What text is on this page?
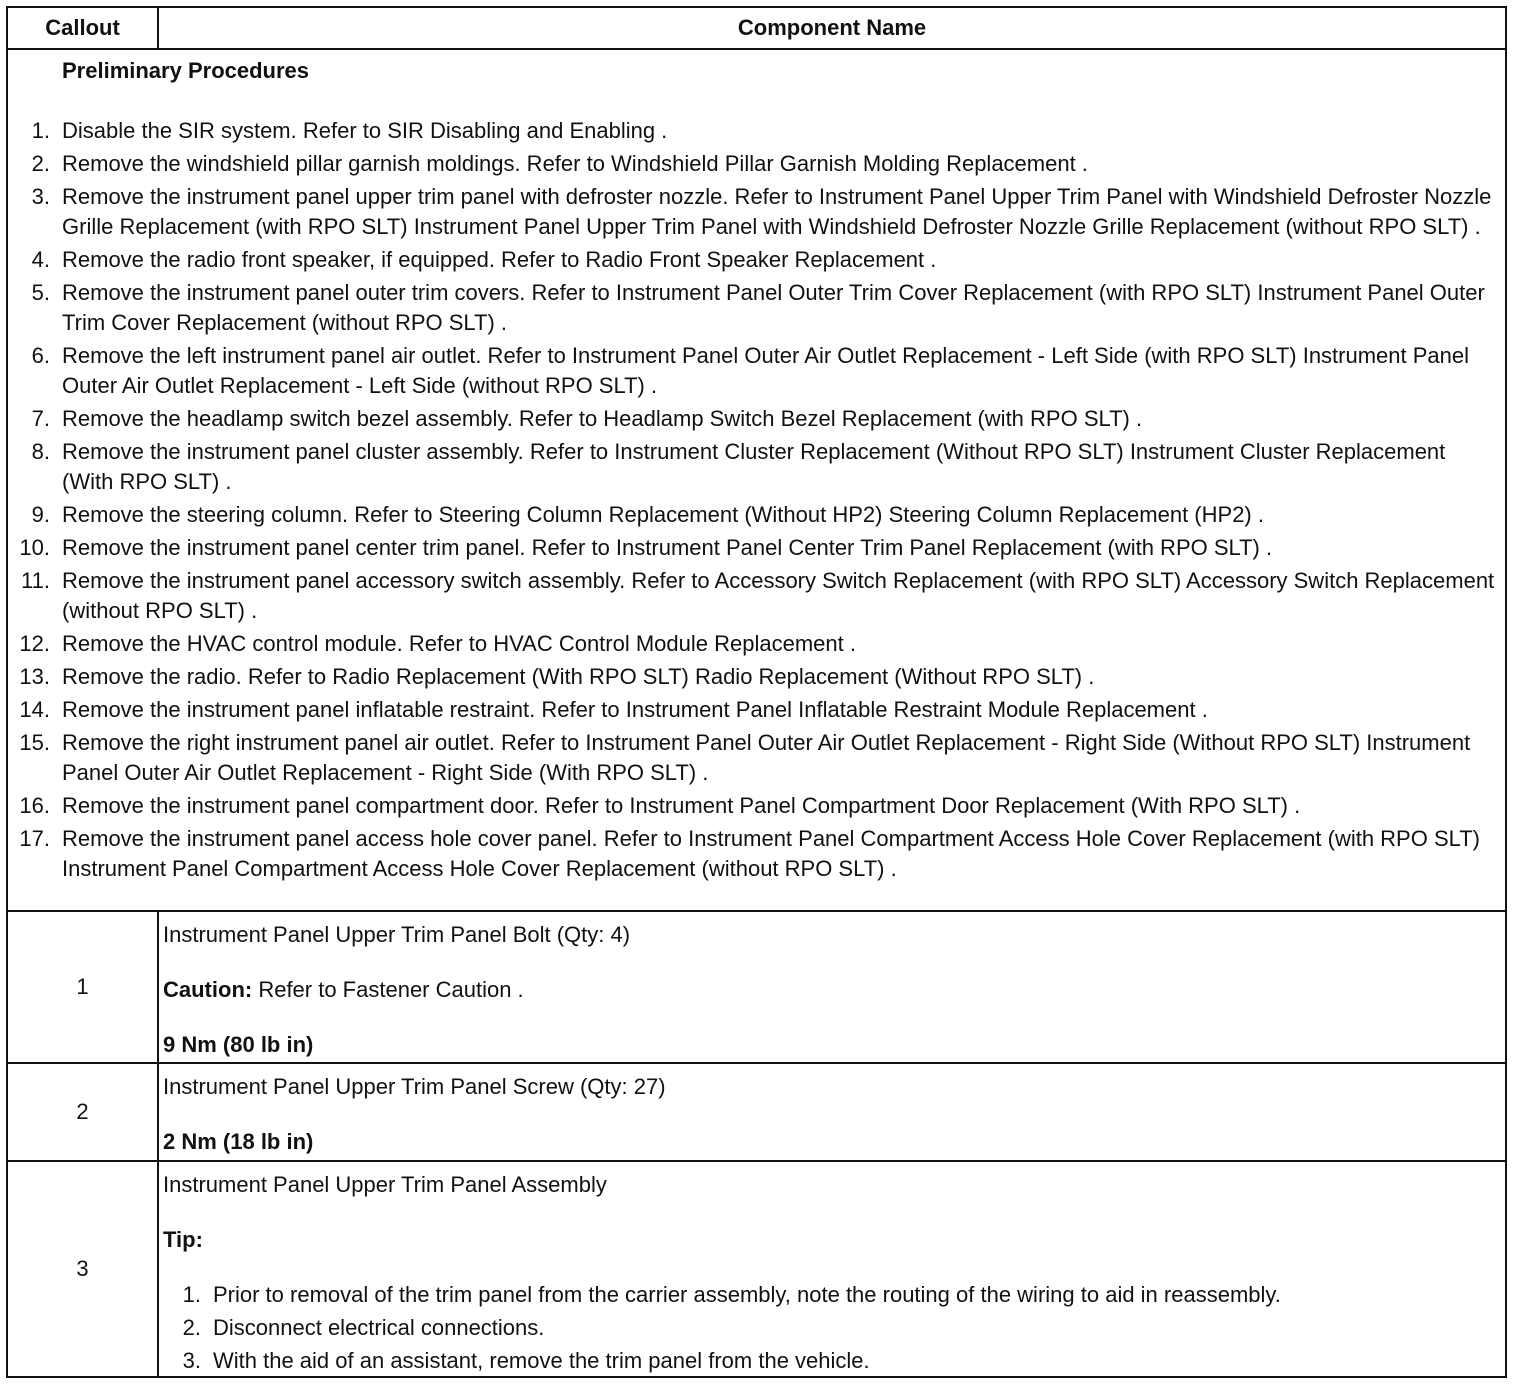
Callout	Component Name
Preliminary Procedures
1. Disable the SIR system. Refer to SIR Disabling and Enabling .
2. Remove the windshield pillar garnish moldings. Refer to Windshield Pillar Garnish Molding Replacement .
3. Remove the instrument panel upper trim panel with defroster nozzle. Refer to Instrument Panel Upper Trim Panel with Windshield Defroster Nozzle Grille Replacement (with RPO SLT) Instrument Panel Upper Trim Panel with Windshield Defroster Nozzle Grille Replacement (without RPO SLT) .
4. Remove the radio front speaker, if equipped. Refer to Radio Front Speaker Replacement .
5. Remove the instrument panel outer trim covers. Refer to Instrument Panel Outer Trim Cover Replacement (with RPO SLT) Instrument Panel Outer Trim Cover Replacement (without RPO SLT) .
6. Remove the left instrument panel air outlet. Refer to Instrument Panel Outer Air Outlet Replacement - Left Side (with RPO SLT) Instrument Panel Outer Air Outlet Replacement - Left Side (without RPO SLT) .
7. Remove the headlamp switch bezel assembly. Refer to Headlamp Switch Bezel Replacement (with RPO SLT) .
8. Remove the instrument panel cluster assembly. Refer to Instrument Cluster Replacement (Without RPO SLT) Instrument Cluster Replacement (With RPO SLT) .
9. Remove the steering column. Refer to Steering Column Replacement (Without HP2) Steering Column Replacement (HP2) .
10. Remove the instrument panel center trim panel. Refer to Instrument Panel Center Trim Panel Replacement (with RPO SLT) .
11. Remove the instrument panel accessory switch assembly. Refer to Accessory Switch Replacement (with RPO SLT) Accessory Switch Replacement (without RPO SLT) .
12. Remove the HVAC control module. Refer to HVAC Control Module Replacement .
13. Remove the radio. Refer to Radio Replacement (With RPO SLT) Radio Replacement (Without RPO SLT) .
14. Remove the instrument panel inflatable restraint. Refer to Instrument Panel Inflatable Restraint Module Replacement .
15. Remove the right instrument panel air outlet. Refer to Instrument Panel Outer Air Outlet Replacement - Right Side (Without RPO SLT) Instrument Panel Outer Air Outlet Replacement - Right Side (With RPO SLT) .
16. Remove the instrument panel compartment door. Refer to Instrument Panel Compartment Door Replacement (With RPO SLT) .
17. Remove the instrument panel access hole cover panel. Refer to Instrument Panel Compartment Access Hole Cover Replacement (with RPO SLT) Instrument Panel Compartment Access Hole Cover Replacement (without RPO SLT) .
1

Instrument Panel Upper Trim Panel Bolt (Qty: 4)

Caution: Refer to Fastener Caution .

9 Nm (80 lb in)

2

Instrument Panel Upper Trim Panel Screw (Qty: 27)

2 Nm (18 lb in)

3

Instrument Panel Upper Trim Panel Assembly

Tip:

1. Prior to removal of the trim panel from the carrier assembly, note the routing of the wiring to aid in reassembly.
2. Disconnect electrical connections.
3. With the aid of an assistant, remove the trim panel from the vehicle.
